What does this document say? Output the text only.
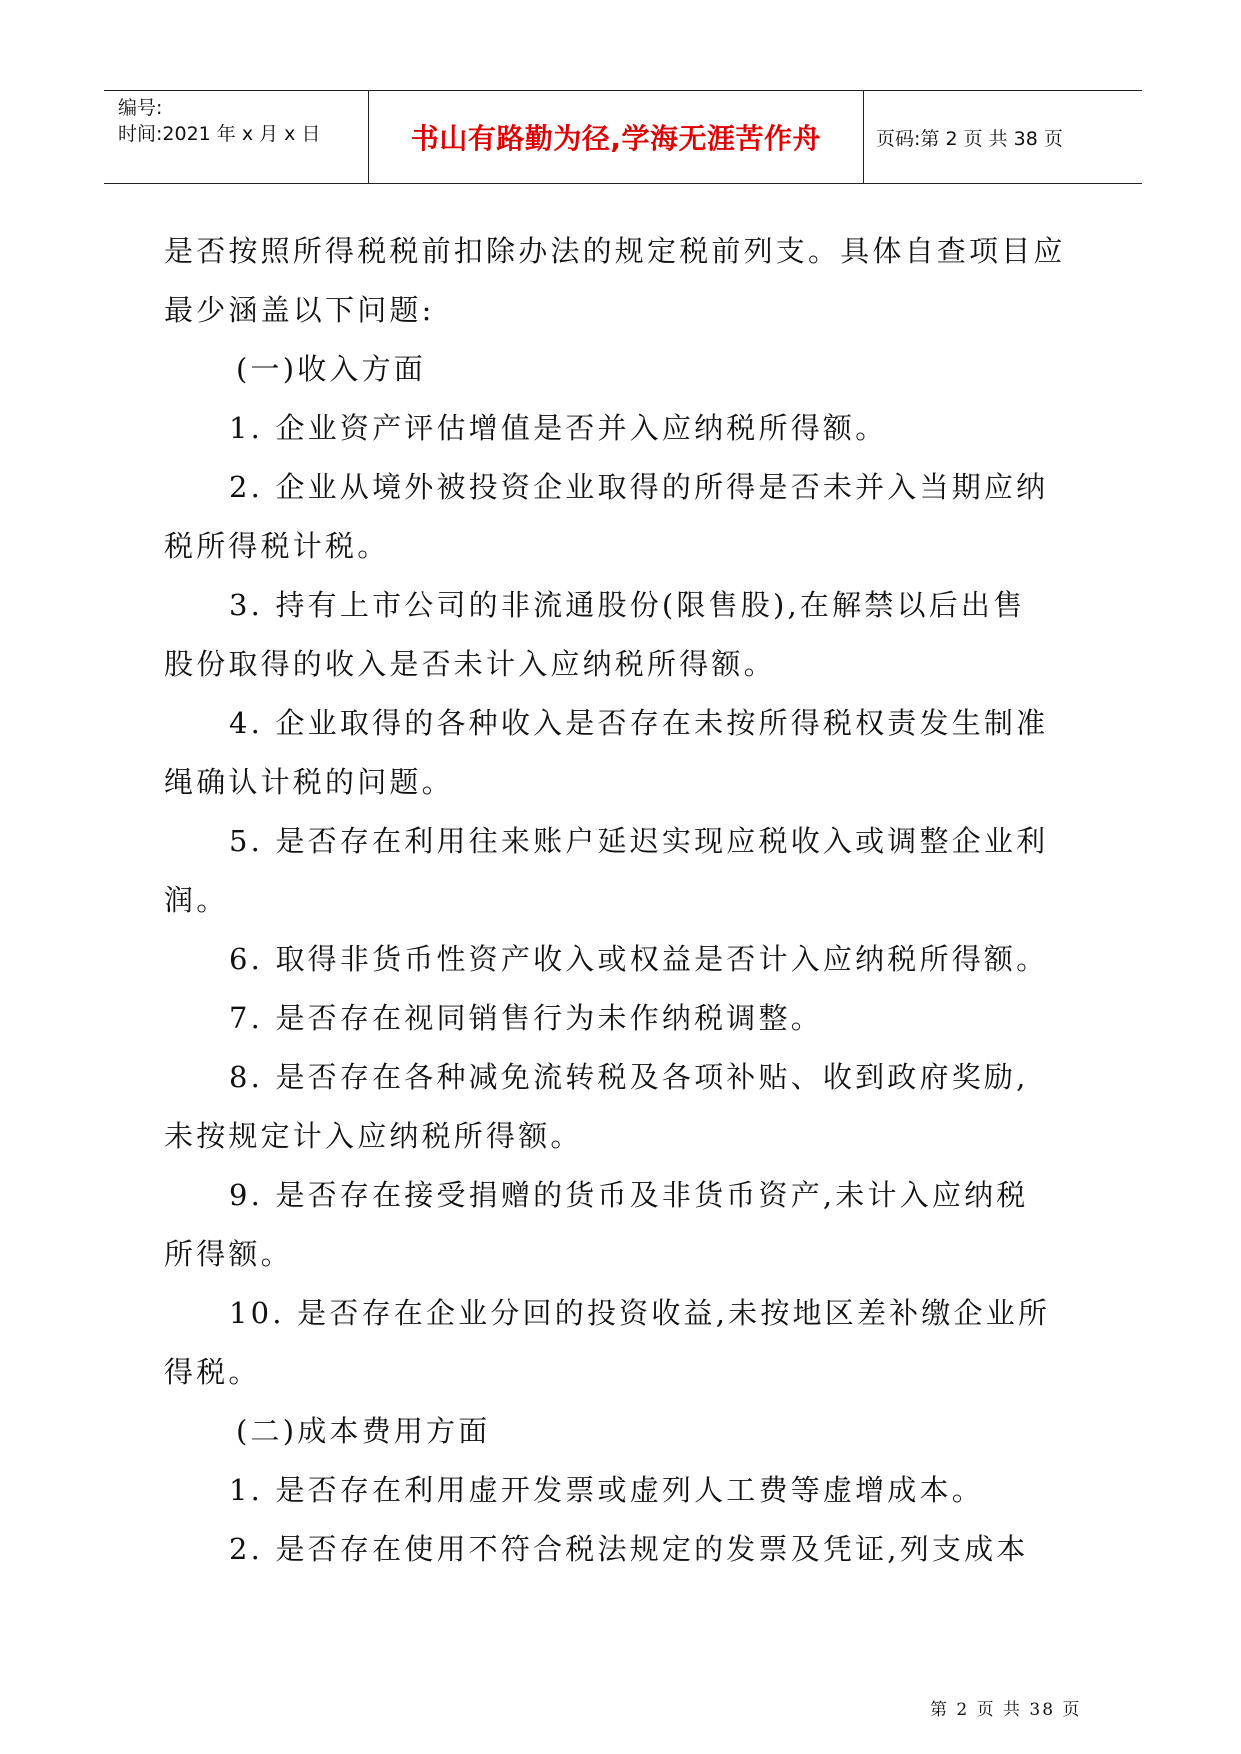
编号:
时间:2021 年 x 月 x 日	书山有路勤为径,学海无涯苦作舟	页码:第 2 页 共 38 页
是否按照所得税税前扣除办法的规定税前列支。具体自查项目应
最少涵盖以下问题:
(一)收入方面
1. 企业资产评估增值是否并入应纳税所得额。
2. 企业从境外被投资企业取得的所得是否未并入当期应纳
税所得税计税。
3. 持有上市公司的非流通股份(限售股),在解禁以后出售
股份取得的收入是否未计入应纳税所得额。
4. 企业取得的各种收入是否存在未按所得税权责发生制准
绳确认计税的问题。
5. 是否存在利用往来账户延迟实现应税收入或调整企业利
润。
6. 取得非货币性资产收入或权益是否计入应纳税所得额。
7. 是否存在视同销售行为未作纳税调整。
8. 是否存在各种减免流转税及各项补贴、收到政府奖励,
未按规定计入应纳税所得额。
9. 是否存在接受捐赠的货币及非货币资产,未计入应纳税
所得额。
10. 是否存在企业分回的投资收益,未按地区差补缴企业所
得税。
(二)成本费用方面
1. 是否存在利用虚开发票或虚列人工费等虚增成本。
2. 是否存在使用不符合税法规定的发票及凭证,列支成本
第 2 页 共 38 页
